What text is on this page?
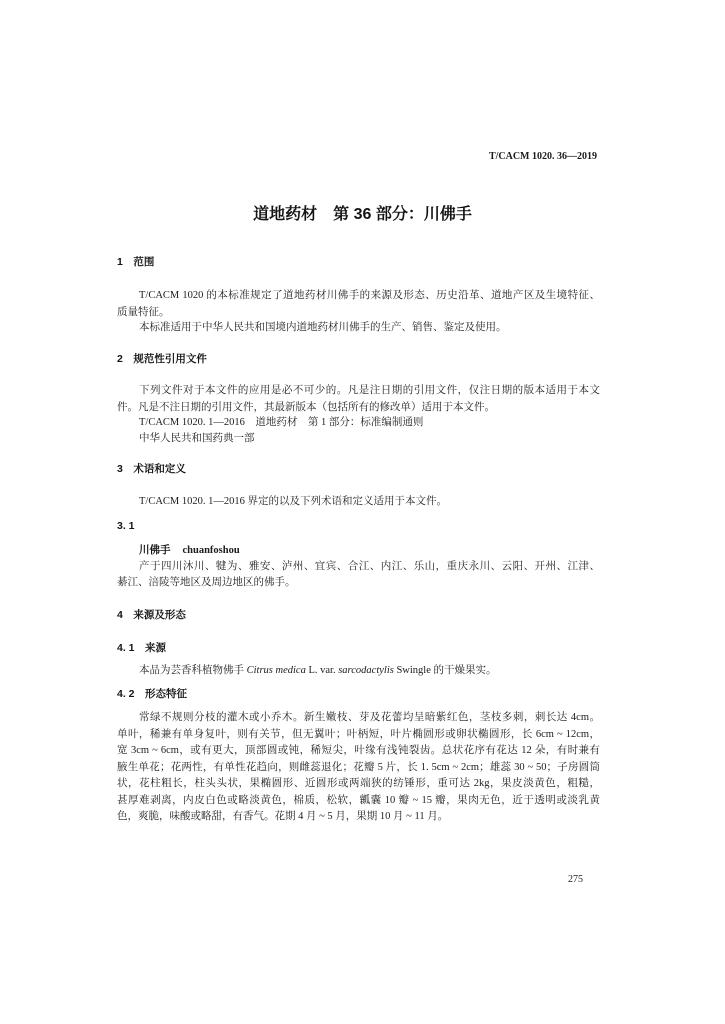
T/CACM 1020. 36—2019
道地药材　第 36 部分：川佛手
1　范围
T/CACM 1020 的本标准规定了道地药材川佛手的来源及形态、历史沿革、道地产区及生境特征、
质量特征。
本标准适用于中华人民共和国境内道地药材川佛手的生产、销售、鉴定及使用。
2　规范性引用文件
下列文件对于本文件的应用是必不可少的。凡是注日期的引用文件，仅注日期的版本适用于本文
件。凡是不注日期的引用文件，其最新版本（包括所有的修改单）适用于本文件。
T/CACM 1020. 1—2016　道地药材　第 1 部分：标准编制通则
中华人民共和国药典一部
3　术语和定义
T/CACM 1020. 1—2016 界定的以及下列术语和定义适用于本文件。
3. 1
川佛手 chuanfoshou
产于四川沐川、犍为、雅安、泸州、宜宾、合江、内江、乐山，重庆永川、云阳、开州、江津、
綦江、涪陵等地区及周边地区的佛手。
4　来源及形态
4. 1　来源
本品为芸香科植物佛手 Citrus medica L. var. sarcodactylis Swingle 的干燥果实。
4. 2　形态特征
常绿不规则分枝的灌木或小乔木。新生嫩枝、芽及花蕾均呈暗紫红色，茎枝多刺，刺长达 4cm。
单叶，稀兼有单身复叶，则有关节，但无翼叶；叶柄短，叶片椭圆形或卵状椭圆形，长 6cm ~ 12cm，
宽 3cm ~ 6cm，或有更大，顶部圆或钝，稀短尖，叶缘有浅钝裂齿。总状花序有花达 12 朵，有时兼有
腋生单花；花两性，有单性花趋向，则雌蕊退化；花瓣 5 片，长 1. 5cm ~ 2cm；雄蕊 30 ~ 50；子房圆筒
状，花柱粗长，柱头头状，果椭圆形、近圆形或两端狭的纺锤形，重可达 2kg，果皮淡黄色，粗糙，
甚厚难剥离，内皮白色或略淡黄色，棉质，松软，瓤囊 10 瓣 ~ 15 瓣，果肉无色，近于透明或淡乳黄
色，爽脆，味酸或略甜，有香气。花期 4 月 ~ 5 月，果期 10 月 ~ 11 月。
275
